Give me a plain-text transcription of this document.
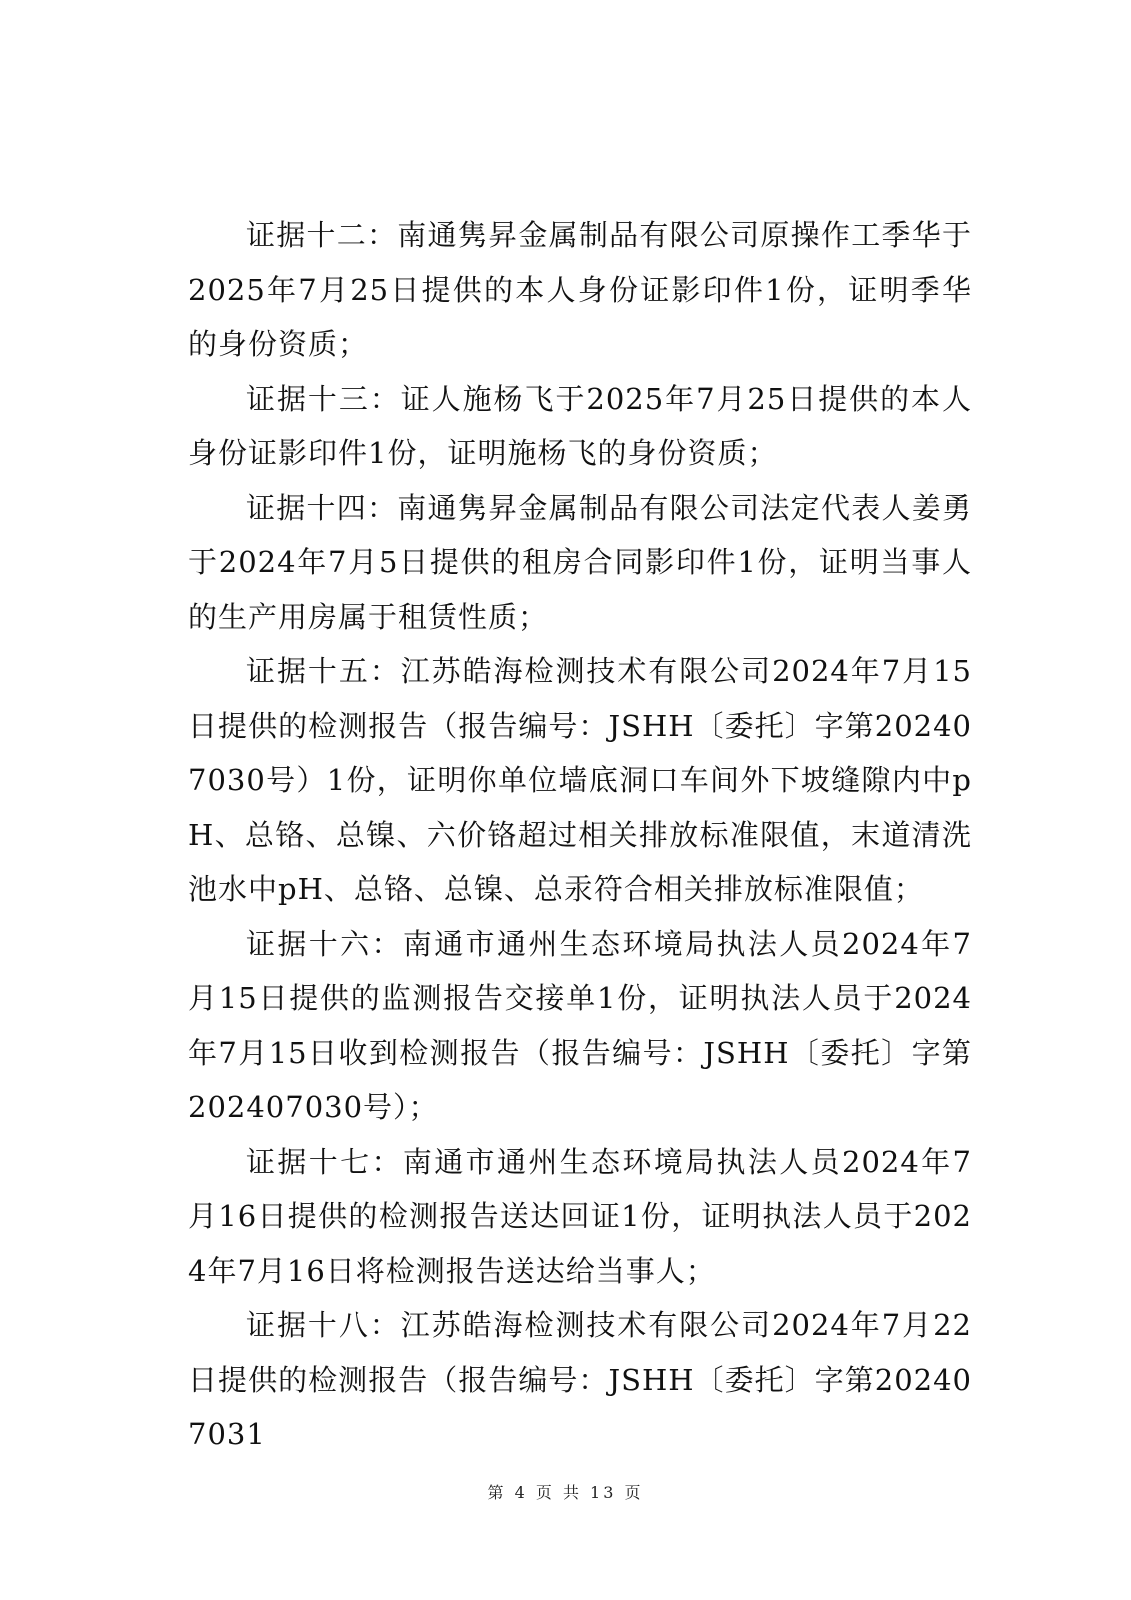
证据十二：南通隽昇金属制品有限公司原操作工季华于2025年7月25日提供的本人身份证影印件1份，证明季华的身份资质；

证据十三：证人施杨飞于2025年7月25日提供的本人身份证影印件1份，证明施杨飞的身份资质；

证据十四：南通隽昇金属制品有限公司法定代表人姜勇于2024年7月5日提供的租房合同影印件1份，证明当事人的生产用房属于租赁性质；

证据十五：江苏皓海检测技术有限公司2024年7月15日提供的检测报告（报告编号：JSHH〔委托〕字第202407030号）1份，证明你单位墙底洞口车间外下坡缝隙内中pH、总铬、总镍、六价铬超过相关排放标准限值，末道清洗池水中pH、总铬、总镍、总汞符合相关排放标准限值；

证据十六：南通市通州生态环境局执法人员2024年7月15日提供的监测报告交接单1份，证明执法人员于2024年7月15日收到检测报告（报告编号：JSHH〔委托〕字第202407030号）；

证据十七：南通市通州生态环境局执法人员2024年7月16日提供的检测报告送达回证1份，证明执法人员于2024年7月16日将检测报告送达给当事人；

证据十八：江苏皓海检测技术有限公司2024年7月22日提供的检测报告（报告编号：JSHH〔委托〕字第202407031

第 4 页 共 13 页
